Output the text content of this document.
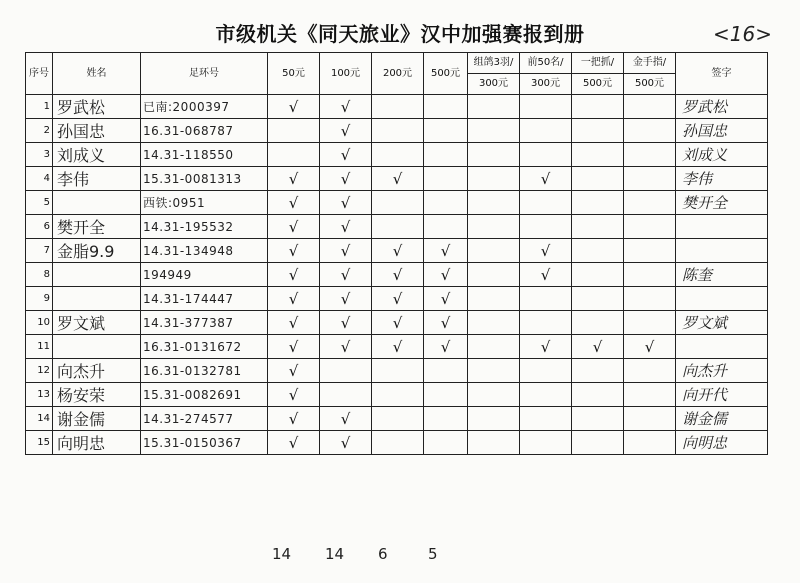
市级机关《同天旅业》汉中加强赛报到册	<16>
序号	姓名	足环号	50元	100元	200元	500元	组鸽3羽/	前50名/	一把抓/	金手指/	签字
							300元	300元	500元	500元	
1	罗武松	已南:2000397	√	√							罗武松
2	孙国忠	16.31-068787		√							孙国忠
3	刘成义	14.31-118550		√							刘成义
4	李伟	15.31-0081313	√	√	√			√			李伟
5		西铁:0951	√	√							樊开全
6	樊开全	14.31-195532	√	√							
7	金脂9.9	14.31-134948	√	√	√	√		√			
8		194949	√	√	√	√		√			陈奎
9		14.31-174447	√	√	√	√					
10	罗文斌	14.31-377387	√	√	√	√					罗文斌
11		16.31-0131672	√	√	√	√		√	√	√	
12	向杰升	16.31-0132781	√								向杰升
13	杨安荣	15.31-0082691	√								向开代
14	谢金儒	14.31-274577	√	√							谢金儒
15	向明忠	15.31-0150367	√	√							向明忠
14 14 6	5
